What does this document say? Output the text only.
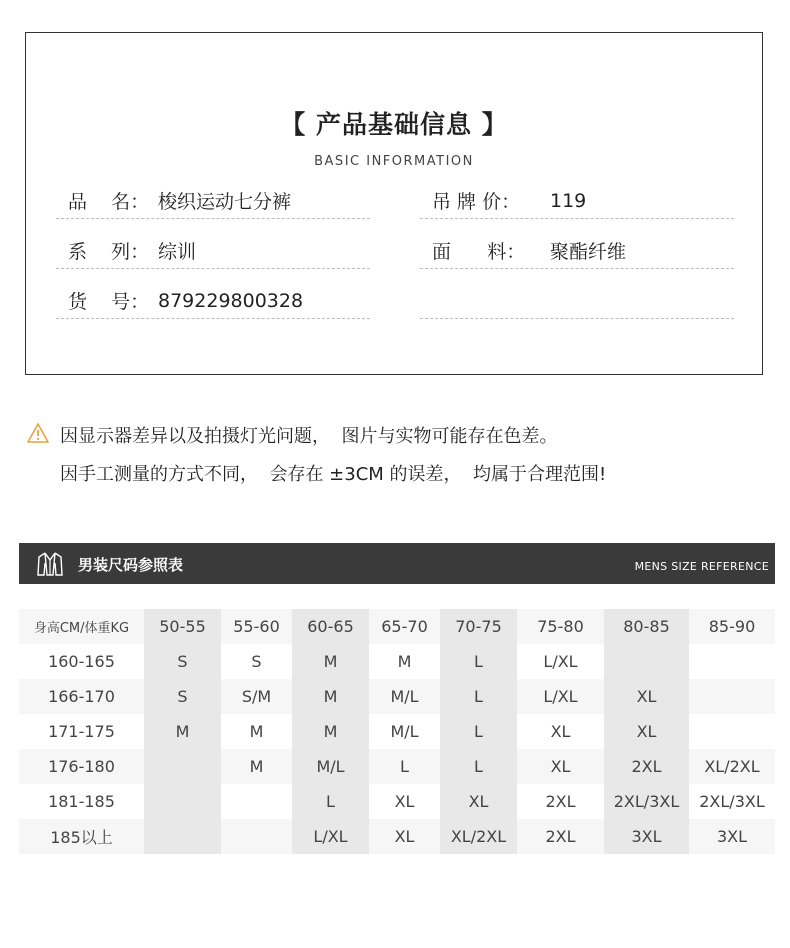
【 产品基础信息 】
BASIC INFORMATION
品    名： 梭织运动七分裤	吊 牌 价：	119
系    列： 综训	面      料：	聚酯纤维
货    号： 879229800328
因显示器差异以及拍摄灯光问题，  图片与实物可能存在色差。
因手工测量的方式不同，  会存在 ±3CM 的误差，  均属于合理范围!
男装尺码参照表	MENS SIZE REFERENCE
身高CM/体重KG	50-55	55-60	60-65	65-70	70-75	75-80	80-85	85-90
160-165	S	S	M	M	L	L/XL		
166-170	S	S/M	M	M/L	L	L/XL	XL	
171-175	M	M	M	M/L	L	XL	XL	
176-180		M	M/L	L	L	XL	2XL	XL/2XL
181-185			L	XL	XL	2XL	2XL/3XL	2XL/3XL
185以上			L/XL	XL	XL/2XL	2XL	3XL	3XL
